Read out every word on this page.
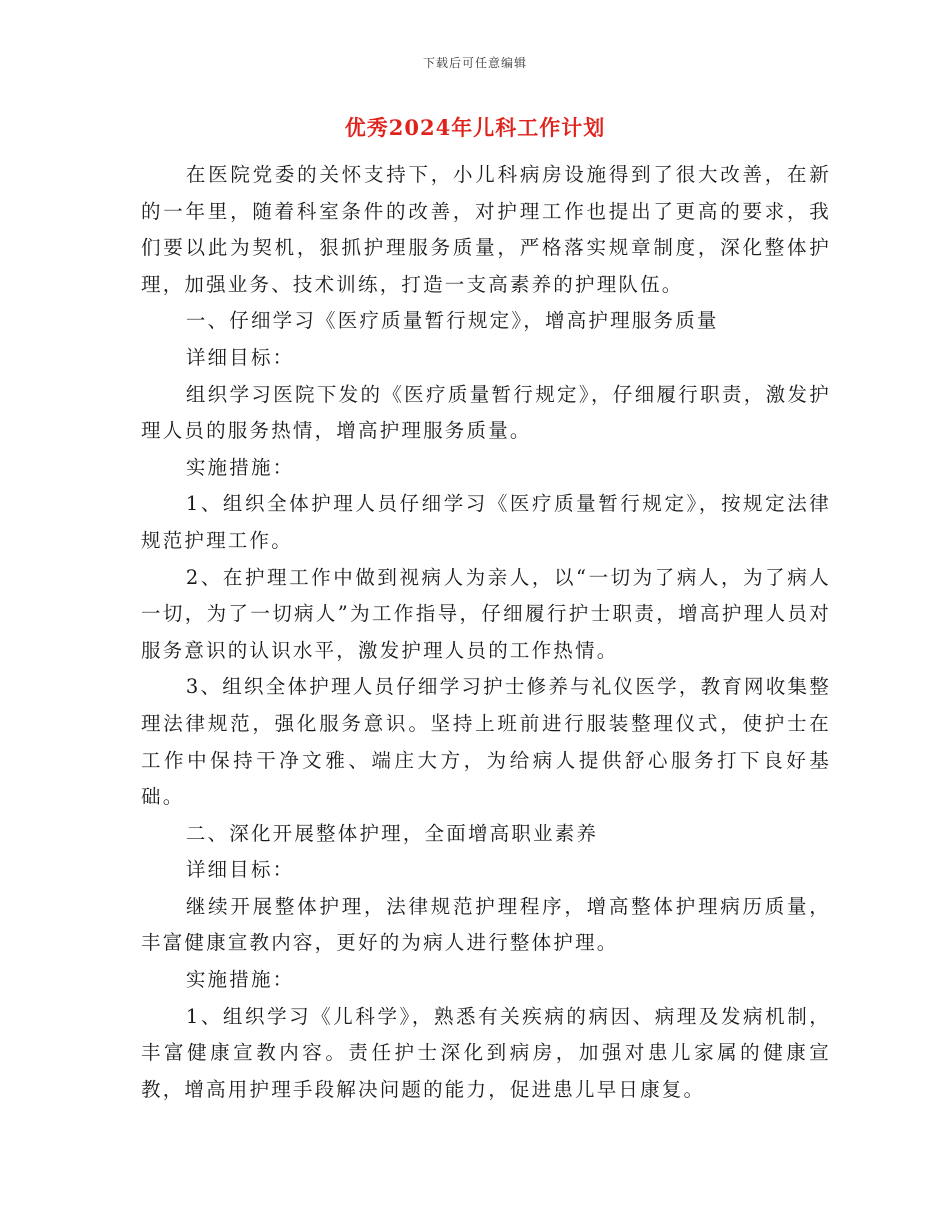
下载后可任意编辑
优秀2024年儿科工作计划

在医院党委的关怀支持下，小儿科病房设施得到了很大改善，在新的一年里，随着科室条件的改善，对护理工作也提出了更高的要求，我们要以此为契机，狠抓护理服务质量，严格落实规章制度，深化整体护理，加强业务、技术训练，打造一支高素养的护理队伍。

一、仔细学习《医疗质量暂行规定》，增高护理服务质量

详细目标：

组织学习医院下发的《医疗质量暂行规定》，仔细履行职责，激发护理人员的服务热情，增高护理服务质量。

实施措施：

1、组织全体护理人员仔细学习《医疗质量暂行规定》，按规定法律规范护理工作。

2、在护理工作中做到视病人为亲人，以“一切为了病人，为了病人一切，为了一切病人”为工作指导，仔细履行护士职责，增高护理人员对服务意识的认识水平，激发护理人员的工作热情。

3、组织全体护理人员仔细学习护士修养与礼仪医学，教育网收集整理法律规范，强化服务意识。坚持上班前进行服装整理仪式，使护士在工作中保持干净文雅、端庄大方，为给病人提供舒心服务打下良好基础。

二、深化开展整体护理，全面增高职业素养

详细目标：

继续开展整体护理，法律规范护理程序，增高整体护理病历质量，丰富健康宣教内容，更好的为病人进行整体护理。

实施措施：

1、组织学习《儿科学》，熟悉有关疾病的病因、病理及发病机制，丰富健康宣教内容。责任护士深化到病房，加强对患儿家属的健康宣教，增高用护理手段解决问题的能力，促进患儿早日康复。
